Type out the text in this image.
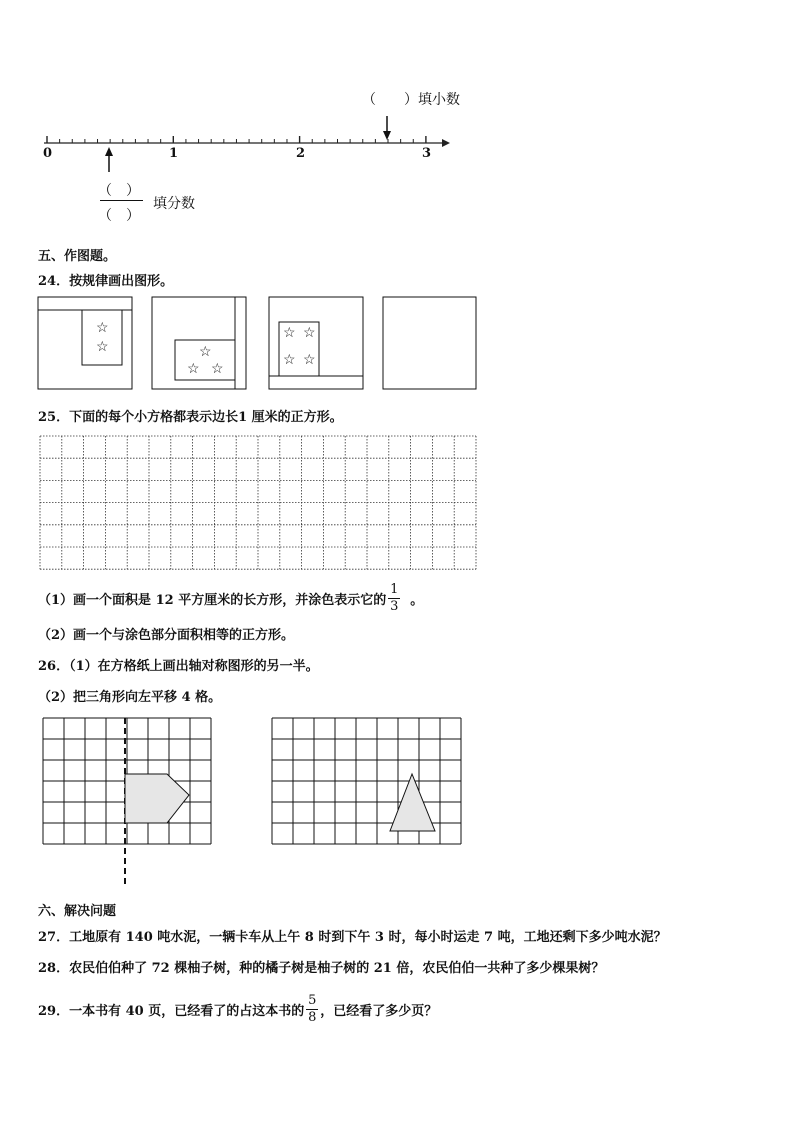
（　　）填小数
0	1	2	3
（　）
（　）
填分数
五、作图题。
24．按规律画出图形。
☆
☆	☆
☆ ☆
☆ ☆
☆ ☆
25．下面的每个小方格都表示边长1 厘米的正方形。
（1）画一个面积是 12 平方厘米的长方形，并涂色表示它的 $\frac{1}{3}$ 。
（2）画一个与涂色部分面积相等的正方形。
26．（1）在方格纸上画出轴对称图形的另一半。
（2）把三角形向左平移 4 格。
六、解决问题
27．工地原有 140 吨水泥，一辆卡车从上午 8 时到下午 3 时，每小时运走 7 吨，工地还剩下多少吨水泥？
28．农民伯伯种了 72 棵柚子树，种的橘子树是柚子树的 21 倍，农民伯伯一共种了多少棵果树？
29．一本书有 40 页，已经看了的占这本书的 $\frac{5}{8}$ ，已经看了多少页？
